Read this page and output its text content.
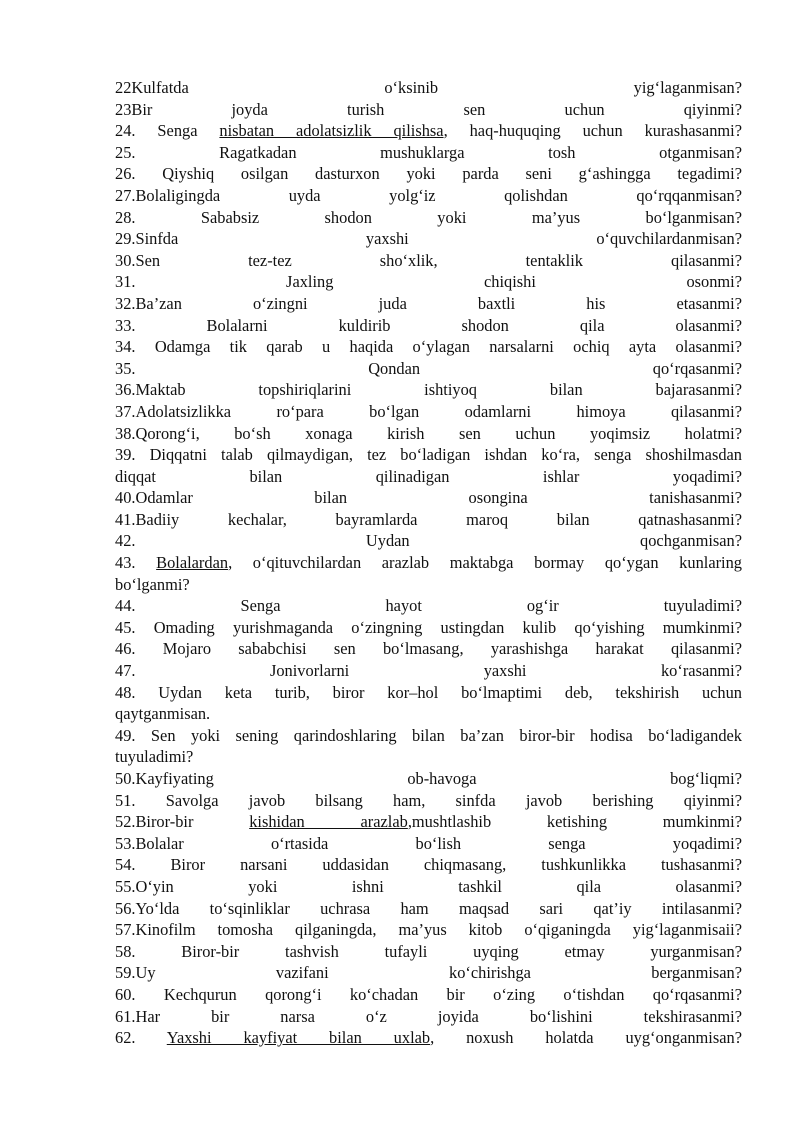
22Kulfatda o‘ksinib yig‘laganmisan?
23Bir joyda turish sen uchun qiyinmi?
24. Senga nisbatan adolatsizlik qilishsa, haq-huquqing uchun kurashasanmi?
25. Ragatkadan mushuklarga tosh otganmisan?
26. Qiyshiq osilgan dasturxon yoki parda seni g‘ashingga tegadimi?
27.Bolaligingda uyda yolg‘iz qolishdan qo‘rqqanmisan?
28. Sababsiz shodon yoki ma’yus bo‘lganmisan?
29.Sinfda yaxshi o‘quvchilardanmisan?
30.Sen tez-tez sho‘xlik, tentaklik qilasanmi?
31. Jaxling chiqishi osonmi?
32.Ba’zan o‘zingni juda baxtli his etasanmi?
33. Bolalarni kuldirib shodon qila olasanmi?
34. Odamga tik qarab u haqida o‘ylagan narsalarni ochiq ayta olasanmi?
35. Qondan qo‘rqasanmi?
36.Maktab topshiriqlarini ishtiyoq bilan bajarasanmi?
37.Adolatsizlikka ro‘para bo‘lgan odamlarni himoya qilasanmi?
38.Qorong‘i, bo‘sh xonaga kirish sen uchun yoqimsiz holatmi?
39. Diqqatni talab qilmaydigan, tez bo‘ladigan ishdan ko‘ra, senga shoshilmasdan
diqqat bilan qilinadigan ishlar yoqadimi?
40.Odamlar bilan osongina tanishasanmi?
41.Badiiy kechalar, bayramlarda maroq bilan qatnashasanmi?
42. Uydan qochganmisan?
43. Bolalardan, o‘qituvchilardan arazlab maktabga bormay qo‘ygan kunlaring
bo‘lganmi?
44. Senga hayot og‘ir tuyuladimi?
45. Omading yurishmaganda o‘zingning ustingdan kulib qo‘yishing mumkinmi?
46. Mojaro sababchisi sen bo‘lmasang, yarashishga harakat qilasanmi?
47. Jonivorlarni yaxshi ko‘rasanmi?
48. Uydan keta turib, biror kor–hol bo‘lmaptimi deb, tekshirish uchun
qaytganmisan.
49. Sen yoki sening qarindoshlaring bilan ba’zan biror-bir hodisa bo‘ladigandek
tuyuladimi?
50.Kayfiyating ob-havoga bog‘liqmi?
51. Savolga javob bilsang ham, sinfda javob berishing qiyinmi?
52.Biror-bir kishidan arazlab,mushtlashib ketishing mumkinmi?
53.Bolalar o‘rtasida bo‘lish senga yoqadimi?
54. Biror narsani uddasidan chiqmasang, tushkunlikka tushasanmi?
55.O‘yin yoki ishni tashkil qila olasanmi?
56.Yo‘lda to‘sqinliklar uchrasa ham maqsad sari qat’iy intilasanmi?
57.Kinofilm tomosha qilganingda, ma’yus kitob o‘qiganingda yig‘laganmisaii?
58. Biror-bir tashvish tufayli uyqing etmay yurganmisan?
59.Uy vazifani ko‘chirishga berganmisan?
60. Kechqurun qorong‘i ko‘chadan bir o‘zing o‘tishdan qo‘rqasanmi?
61.Har bir narsa o‘z joyida bo‘lishini tekshirasanmi?
62. Yaxshi kayfiyat bilan uxlab, noxush holatda uyg‘onganmisan?
